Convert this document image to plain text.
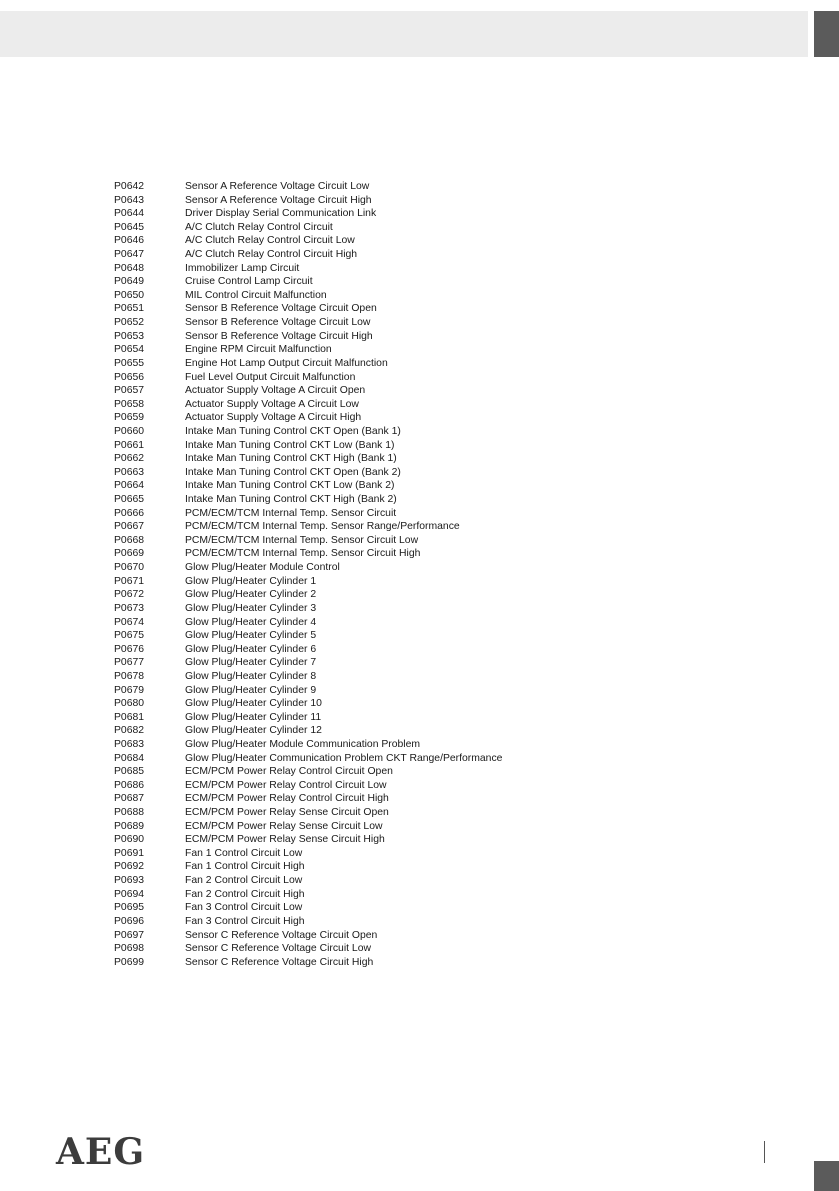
P0642	Sensor A Reference Voltage Circuit Low
P0643	Sensor A Reference Voltage Circuit High
P0644	Driver Display Serial Communication Link
P0645	A/C Clutch Relay Control Circuit
P0646	A/C Clutch Relay Control Circuit Low
P0647	A/C Clutch Relay Control Circuit High
P0648	Immobilizer Lamp Circuit
P0649	Cruise Control Lamp Circuit
P0650	MIL Control Circuit Malfunction
P0651	Sensor B Reference Voltage Circuit Open
P0652	Sensor B Reference Voltage Circuit Low
P0653	Sensor B Reference Voltage Circuit High
P0654	Engine RPM Circuit Malfunction
P0655	Engine Hot Lamp Output Circuit Malfunction
P0656	Fuel Level Output Circuit Malfunction
P0657	Actuator Supply Voltage A Circuit Open
P0658	Actuator Supply Voltage A Circuit Low
P0659	Actuator Supply Voltage A Circuit High
P0660	Intake Man Tuning Control CKT Open (Bank 1)
P0661	Intake Man Tuning Control CKT Low (Bank 1)
P0662	Intake Man Tuning Control CKT High (Bank 1)
P0663	Intake Man Tuning Control CKT Open (Bank 2)
P0664	Intake Man Tuning Control CKT Low (Bank 2)
P0665	Intake Man Tuning Control CKT High (Bank 2)
P0666	PCM/ECM/TCM Internal Temp. Sensor Circuit
P0667	PCM/ECM/TCM Internal Temp. Sensor Range/Performance
P0668	PCM/ECM/TCM Internal Temp. Sensor Circuit Low
P0669	PCM/ECM/TCM Internal Temp. Sensor Circuit High
P0670	Glow Plug/Heater Module Control
P0671	Glow Plug/Heater Cylinder 1
P0672	Glow Plug/Heater Cylinder 2
P0673	Glow Plug/Heater Cylinder 3
P0674	Glow Plug/Heater Cylinder 4
P0675	Glow Plug/Heater Cylinder 5
P0676	Glow Plug/Heater Cylinder 6
P0677	Glow Plug/Heater Cylinder 7
P0678	Glow Plug/Heater Cylinder 8
P0679	Glow Plug/Heater Cylinder 9
P0680	Glow Plug/Heater Cylinder 10
P0681	Glow Plug/Heater Cylinder 11
P0682	Glow Plug/Heater Cylinder 12
P0683	Glow Plug/Heater Module Communication Problem
P0684	Glow Plug/Heater Communication Problem CKT Range/Performance
P0685	ECM/PCM Power Relay Control Circuit Open
P0686	ECM/PCM Power Relay Control Circuit Low
P0687	ECM/PCM Power Relay Control Circuit High
P0688	ECM/PCM Power Relay Sense Circuit Open
P0689	ECM/PCM Power Relay Sense Circuit Low
P0690	ECM/PCM Power Relay Sense Circuit High
P0691	Fan 1 Control Circuit Low
P0692	Fan 1 Control Circuit High
P0693	Fan 2 Control Circuit Low
P0694	Fan 2 Control Circuit High
P0695	Fan 3 Control Circuit Low
P0696	Fan 3 Control Circuit High
P0697	Sensor C Reference Voltage Circuit Open
P0698	Sensor C Reference Voltage Circuit Low
P0699	Sensor C Reference Voltage Circuit High
AEG
